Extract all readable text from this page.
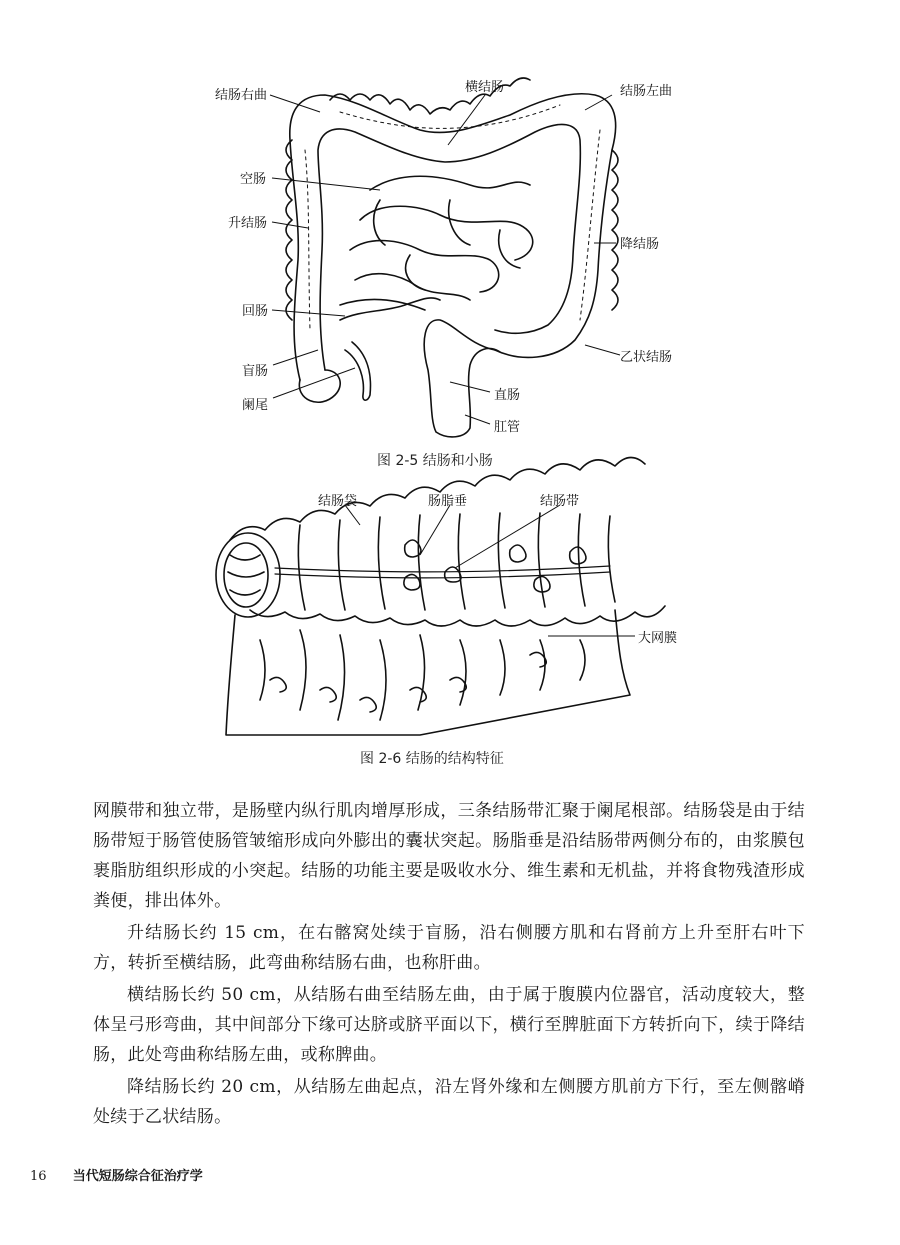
结肠右曲
横结肠	结肠左曲
空肠
升结肠
降结肠
回肠
盲肠
乙状结肠
阑尾
直肠
肛管
图 2-5 结肠和小肠
结肠袋	肠脂垂	结肠带
大网膜
图 2-6 结肠的结构特征

网膜带和独立带，是肠壁内纵行肌肉增厚形成，三条结肠带汇聚于阑尾根部。结肠袋是由于结肠带短于肠管使肠管皱缩形成向外膨出的囊状突起。肠脂垂是沿结肠带两侧分布的，由浆膜包裹脂肪组织形成的小突起。结肠的功能主要是吸收水分、维生素和无机盐，并将食物残渣形成粪便，排出体外。

升结肠长约 15 cm，在右髂窝处续于盲肠，沿右侧腰方肌和右肾前方上升至肝右叶下方，转折至横结肠，此弯曲称结肠右曲，也称肝曲。

横结肠长约 50 cm，从结肠右曲至结肠左曲，由于属于腹膜内位器官，活动度较大，整体呈弓形弯曲，其中间部分下缘可达脐或脐平面以下，横行至脾脏面下方转折向下，续于降结肠，此处弯曲称结肠左曲，或称脾曲。

降结肠长约 20 cm，从结肠左曲起点，沿左肾外缘和左侧腰方肌前方下行，至左侧髂嵴处续于乙状结肠。

16 当代短肠综合征治疗学
